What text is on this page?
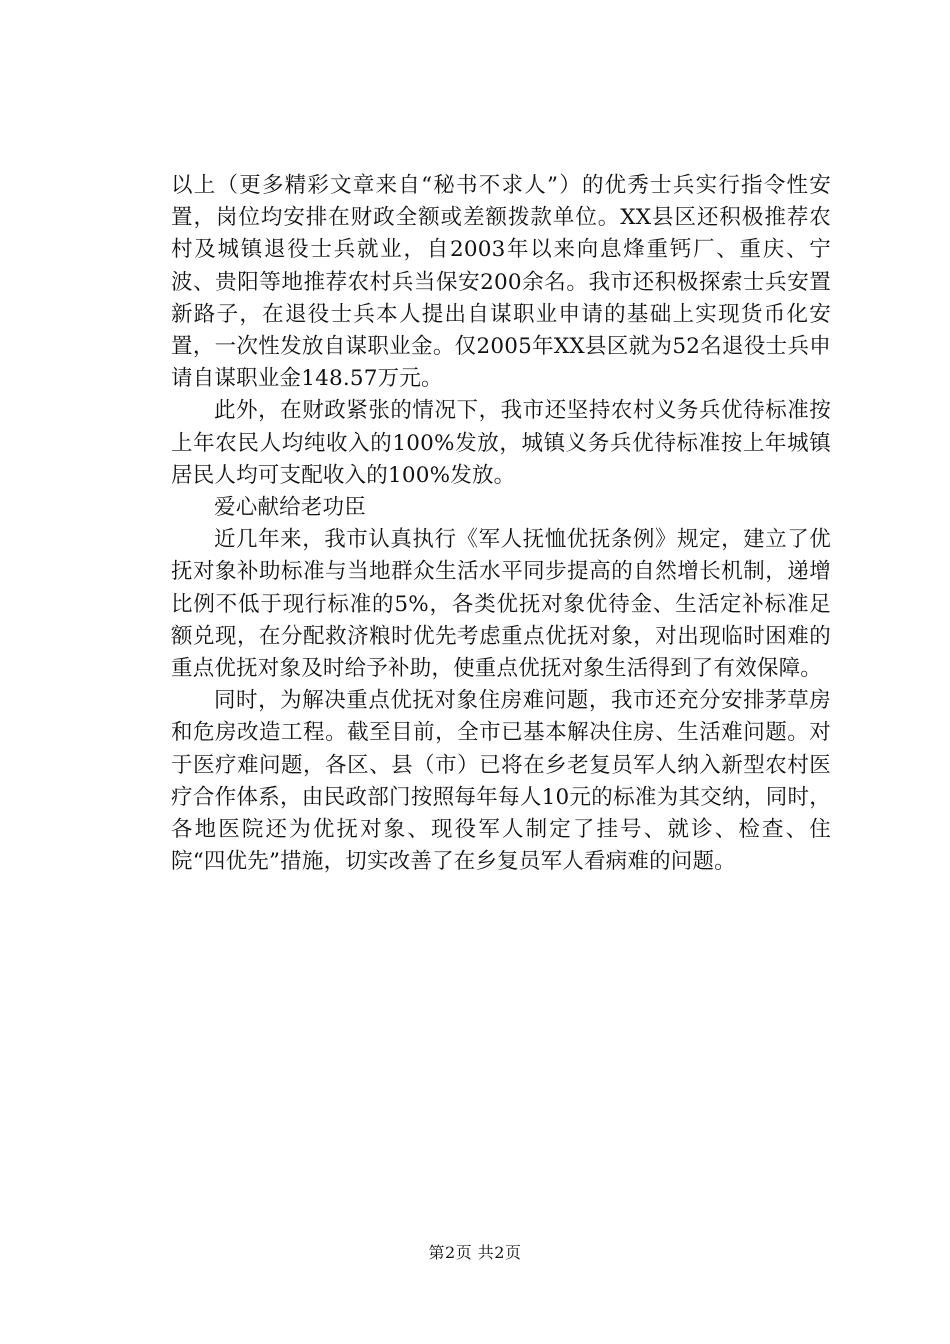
以上（更多精彩文章来自“秘书不求人”）的优秀士兵实行指令性安置，岗位均安排在财政全额或差额拨款单位。XX县区还积极推荐农村及城镇退役士兵就业，自2003年以来向息烽重钙厂、重庆、宁波、贵阳等地推荐农村兵当保安200余名。我市还积极探索士兵安置新路子，在退役士兵本人提出自谋职业申请的基础上实现货币化安置，一次性发放自谋职业金。仅2005年XX县区就为52名退役士兵申请自谋职业金148.57万元。

此外，在财政紧张的情况下，我市还坚持农村义务兵优待标准按上年农民人均纯收入的100%发放，城镇义务兵优待标准按上年城镇居民人均可支配收入的100%发放。

爱心献给老功臣

近几年来，我市认真执行《军人抚恤优抚条例》规定，建立了优抚对象补助标准与当地群众生活水平同步提高的自然增长机制，递增比例不低于现行标准的5%，各类优抚对象优待金、生活定补标准足额兑现，在分配救济粮时优先考虑重点优抚对象，对出现临时困难的重点优抚对象及时给予补助，使重点优抚对象生活得到了有效保障。

同时，为解决重点优抚对象住房难问题，我市还充分安排茅草房和危房改造工程。截至目前，全市已基本解决住房、生活难问题。对于医疗难问题，各区、县（市）已将在乡老复员军人纳入新型农村医疗合作体系，由民政部门按照每年每人10元的标准为其交纳，同时，各地医院还为优抚对象、现役军人制定了挂号、就诊、检查、住院“四优先”措施，切实改善了在乡复员军人看病难的问题。

第2页 共2页
